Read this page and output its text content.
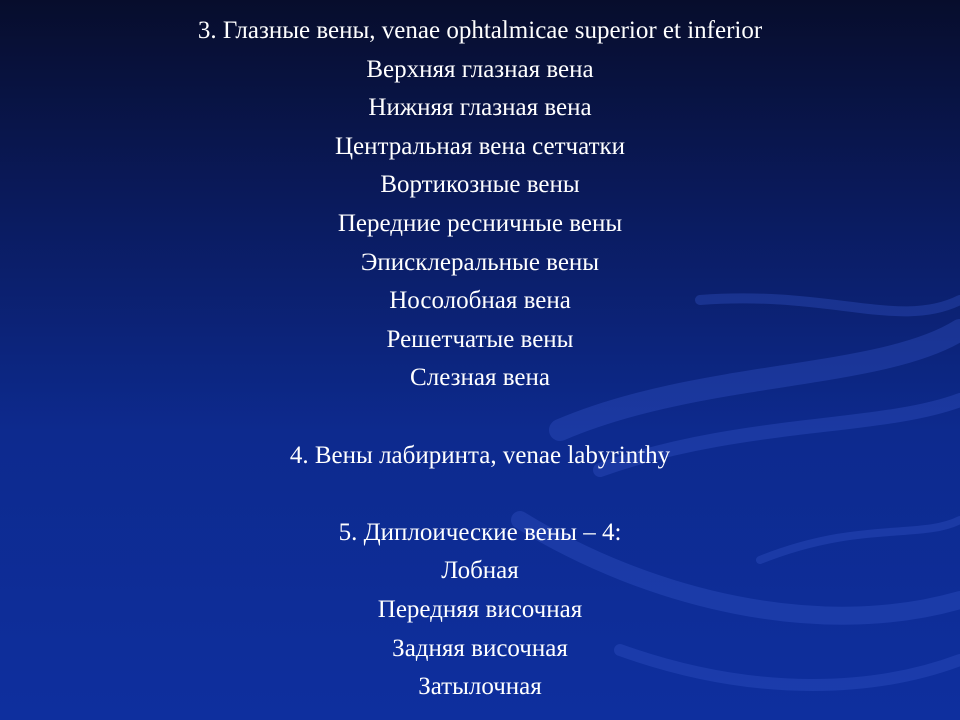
3. Глазные вены, venae ophtalmicae superior et inferior
Верхняя глазная вена
Нижняя глазная вена
Центральная вена сетчатки
Вортикозные вены
Передние ресничные вены
Эписклеральные вены
Носолобная вена
Решетчатые вены
Слезная вена
4. Вены лабиринта, venae labyrinthy
5. Диплоические вены – 4:
Лобная
Передняя височная
Задняя височная
Затылочная
